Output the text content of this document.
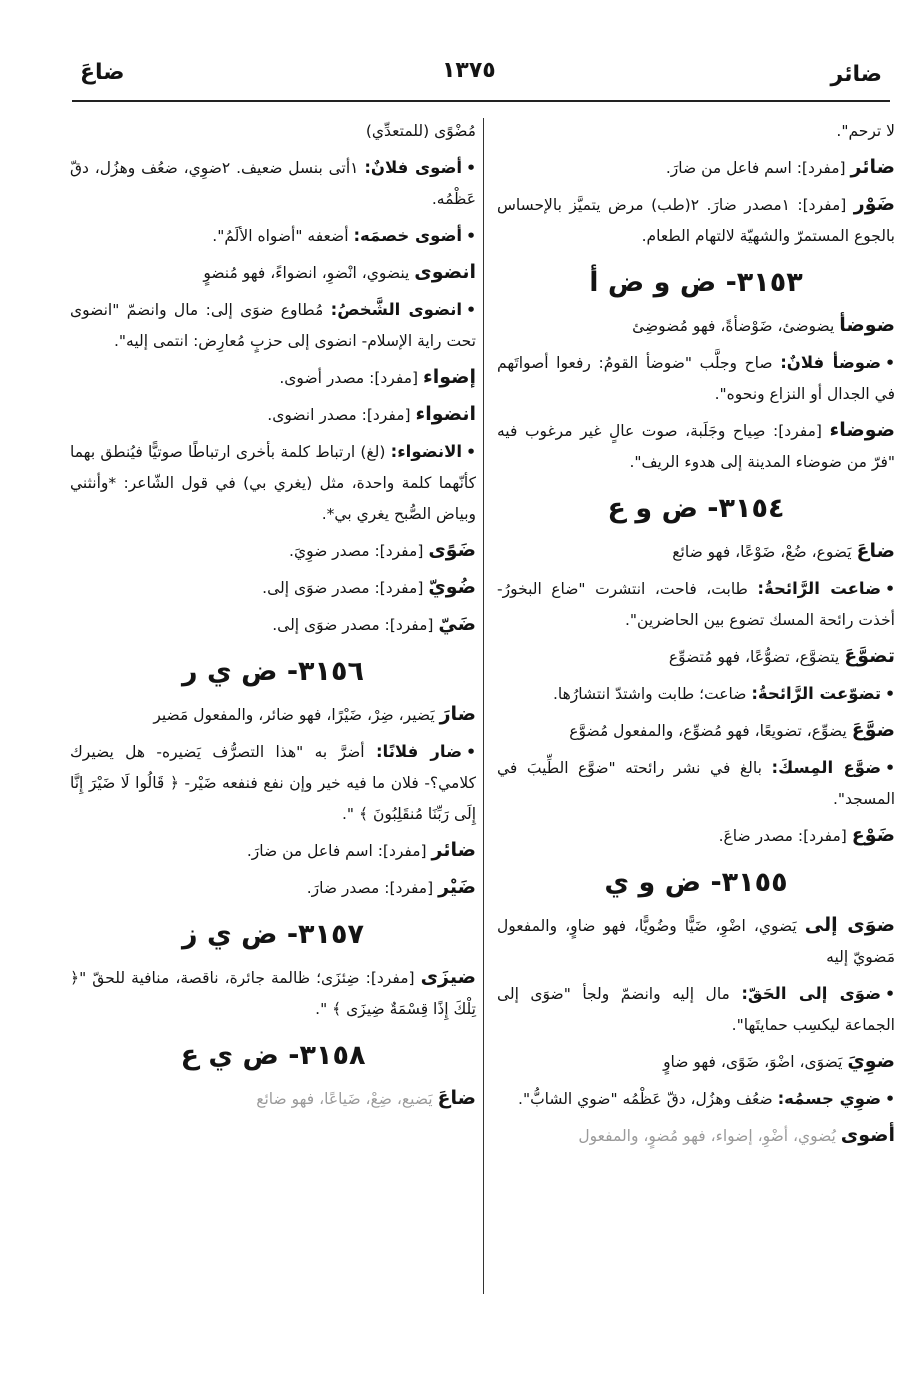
ضائر
١٣٧٥
ضاعَ
لا ترحم".
ضائر [مفرد]: اسم فاعل من ضارَ.
ضَوْر [مفرد]: ١مصدر ضارَ. ٢(طب) مرض يتميَّز بالإحساس بالجوع المستمرّ والشهيّة لالتهام الطعام.
٣١٥٣- ض و ض أ
ضوضأ يضوضئ، ضَوْضأةً، فهو مُضوضِئ
•ضوضأ فلانٌ: صاح وجلَّب "ضوضأ القومُ: رفعوا أصواتَهم في الجدال أو النزاع ونحوه".
ضوضاء [مفرد]: صِياح وجَلَبة، صوت عالٍ غير مرغوب فيه "فرّ من ضوضاء المدينة إلى هدوء الريف".
٣١٥٤- ض و ع
ضاعَ يَضوع، ضُعْ، ضَوْعًا، فهو ضائع
•ضاعت الرَّائحةُ: طابت، فاحت، انتشرت "ضاع البخورُ- أخذت رائحة المسك تضوع بين الحاضرين".
تضوَّعَ يتضوَّع، تضوُّعًا، فهو مُتضوِّع
•تضوّعت الرَّائحةُ: ضاعت؛ طابت واشتدّ انتشارُها.
ضوَّعَ يضوِّع، تضويعًا، فهو مُضوِّع، والمفعول مُضوَّع
•ضوَّع المِسكَ: بالغ في نشر رائحته "ضوَّع الطِّيبَ في المسجد".
ضَوْع [مفرد]: مصدر ضاعَ.
٣١٥٥- ض و ي
ضوَى إلى يَضوي، اضْوِ، ضَيًّا وضُويًّا، فهو ضاوٍ، والمفعول مَضويّ إليه
•ضوَى إلى الحَقّ: مال إليه وانضمّ ولجأ "ضوَى إلى الجماعة ليكسِب حمايتَها".
ضوِيَ يَضوَى، اضْوَ، ضَوًى، فهو ضاوٍ
•ضوِي جسمُه: ضعُف وهزُل، دقّ عَظْمُه "ضوي الشابُّ".
أضوى يُضوي، أضْوِ، إضواء، فهو مُضوٍ، والمفعول
مُضْوًى (للمتعدِّي)
•أضوى فلانٌ: ١أتى بنسل ضعيف. ٢ضوِي، ضعُف وهزُل، دقّ عَظْمُه.
•أضوى خصمَه: أضعفه "أضواه الألَمُ".
انضوى ينضوي، انْضوِ، انضواءً، فهو مُنضوٍ
•انضوى الشَّخصُ: مُطاوع ضوَى إلى: مال وانضمّ "انضوى تحت راية الإسلام- انضوى إلى حزبٍ مُعارِض: انتمى إليه".
إضواء [مفرد]: مصدر أضوى.
انضواء [مفرد]: مصدر انضوى.
•الانضواء: (لغ) ارتباط كلمة بأخرى ارتباطًا صوتيًّا فيُنطق بهما كأنّهما كلمة واحدة، مثل (يغري بي) في قول الشّاعر: *وأنثني وبياض الصُّبح يغري بي*.
ضَوًى [مفرد]: مصدر ضوِيَ.
ضُويّ [مفرد]: مصدر ضوَى إلى.
ضَيّ [مفرد]: مصدر ضوَى إلى.
٣١٥٦- ض ي ر
ضارَ يَضير، ضِرْ، ضَيْرًا، فهو ضائر، والمفعول مَضير
•ضار فلانًا: أضرَّ به "هذا التصرُّف يَضيره- هل يضيرك كلامي؟- فلان ما فيه خير وإن نفع فنفعه ضَيْر- ﴿ قَالُوا لَا ضَيْرَ إِنَّا إِلَى رَبِّنَا مُنقَلِبُونَ ﴾ ".
ضائر [مفرد]: اسم فاعل من ضارَ.
ضَيْر [مفرد]: مصدر ضارَ.
٣١٥٧- ض ي ز
ضيزَى [مفرد]: ضِئزَى؛ ظالمة جائرة، ناقصة، منافية للحقّ "﴿ تِلْكَ إِذًا قِسْمَةٌ ضِيزَى ﴾ ".
٣١٥٨- ض ي ع
ضاعَ يَضيع، ضِعْ، ضَياعًا، فهو ضائع
